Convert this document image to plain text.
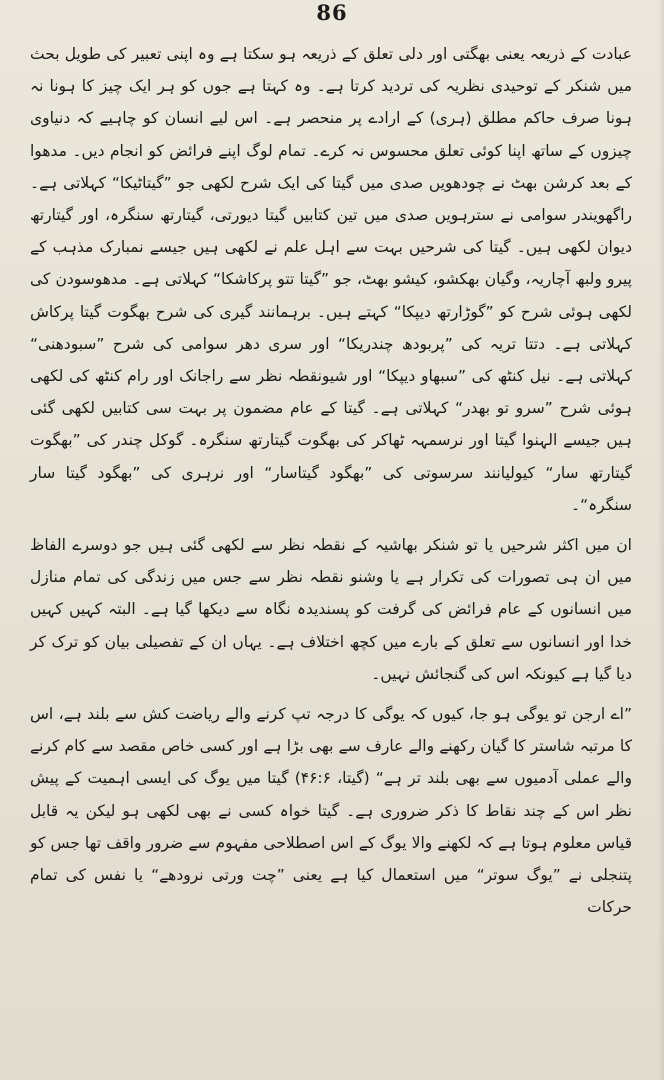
86

عبادت کے ذریعہ یعنی بھگتی اور دلی تعلق کے ذریعہ ہو سکتا ہے وہ اپنی تعبیر کی طویل بحث میں شنکر کے توحیدی نظریہ کی تردید کرتا ہے۔ وہ کہتا ہے جوں کو ہر ایک چیز کا ہونا نہ ہونا صرف حاکم مطلق (ہری) کے ارادے پر منحصر ہے۔ اس لیے انسان کو چاہیے کہ دنیاوی چیزوں کے ساتھ اپنا کوئی تعلق محسوس نہ کرے۔ تمام لوگ اپنے فرائض کو انجام دیں۔ مدھوا کے بعد کرشن بھٹ نے چودھویں صدی میں گیتا کی ایک شرح لکھی جو ”گیتاٹیکا“ کہلاتی ہے۔ راگھویندر سوامی نے سترہویں صدی میں تین کتابیں گیتا دیورتی، گیتارتھ سنگرہ، اور گیتارتھ دیوان لکھی ہیں۔ گیتا کی شرحیں بہت سے اہل علم نے لکھی ہیں جیسے نمبارک مذہب کے پیرو ولبھ آچاریہ، وگیان بھکشو، کیشو بھٹ، جو ”گیتا تتو پرکاشکا“ کہلاتی ہے۔ مدھوسودن کی لکھی ہوئی شرح کو ”گوڑارتھ دیپکا“ کہتے ہیں۔ برہمانند گیری کی شرح بھگوت گیتا پرکاش کہلاتی ہے۔ دتتا تریہ کی ”پربودھ چندریکا“ اور سری دھر سوامی کی شرح ”سبودھنی“ کہلاتی ہے۔ نیل کنٹھ کی ”سبھاو دیپکا“ اور شیونقطہ نظر سے راجانک اور رام کنٹھ کی لکھی ہوئی شرح ”سرو تو بھدر“ کہلاتی ہے۔ گیتا کے عام مضمون پر بہت سی کتابیں لکھی گئی ہیں جیسے الہنوا گیتا اور نرسمہہ ٹھاکر کی بھگوت گیتارتھ سنگرہ۔ گوکل چندر کی ”بھگوت گیتارتھ سار“ کیولیانند سرسوتی کی ”بھگود گیتاسار“ اور نرہری کی ”بھگود گیتا سار سنگرہ“۔

ان میں اکثر شرحیں یا تو شنکر بھاشیہ کے نقطہ نظر سے لکھی گئی ہیں جو دوسرے الفاظ میں ان ہی تصورات کی تکرار ہے یا وشنو نقطہ نظر سے جس میں زندگی کی تمام منازل میں انسانوں کے عام فرائض کی گرفت کو پسندیدہ نگاہ سے دیکھا گیا ہے۔ البتہ کہیں کہیں خدا اور انسانوں سے تعلق کے بارے میں کچھ اختلاف ہے۔ یہاں ان کے تفصیلی بیان کو ترک کر دیا گیا ہے کیونکہ اس کی گنجائش نہیں۔

”اے ارجن تو یوگی ہو جا، کیوں کہ یوگی کا درجہ تپ کرنے والے ریاضت کش سے بلند ہے، اس کا مرتبہ شاستر کا گیان رکھنے والے عارف سے بھی بڑا ہے اور کسی خاص مقصد سے کام کرنے والے عملی آدمیوں سے بھی بلند تر ہے“ (گیتا، ۴۶:۶) گیتا میں یوگ کی ایسی اہمیت کے پیش نظر اس کے چند نقاط کا ذکر ضروری ہے۔ گیتا خواہ کسی نے بھی لکھی ہو لیکن یہ قابل قیاس معلوم ہوتا ہے کہ لکھنے والا یوگ کے اس اصطلاحی مفہوم سے ضرور واقف تھا جس کو پتنجلی نے ”یوگ سوتر“ میں استعمال کیا ہے یعنی ”چت ورتی نرودھے“ یا نفس کی تمام حرکات
